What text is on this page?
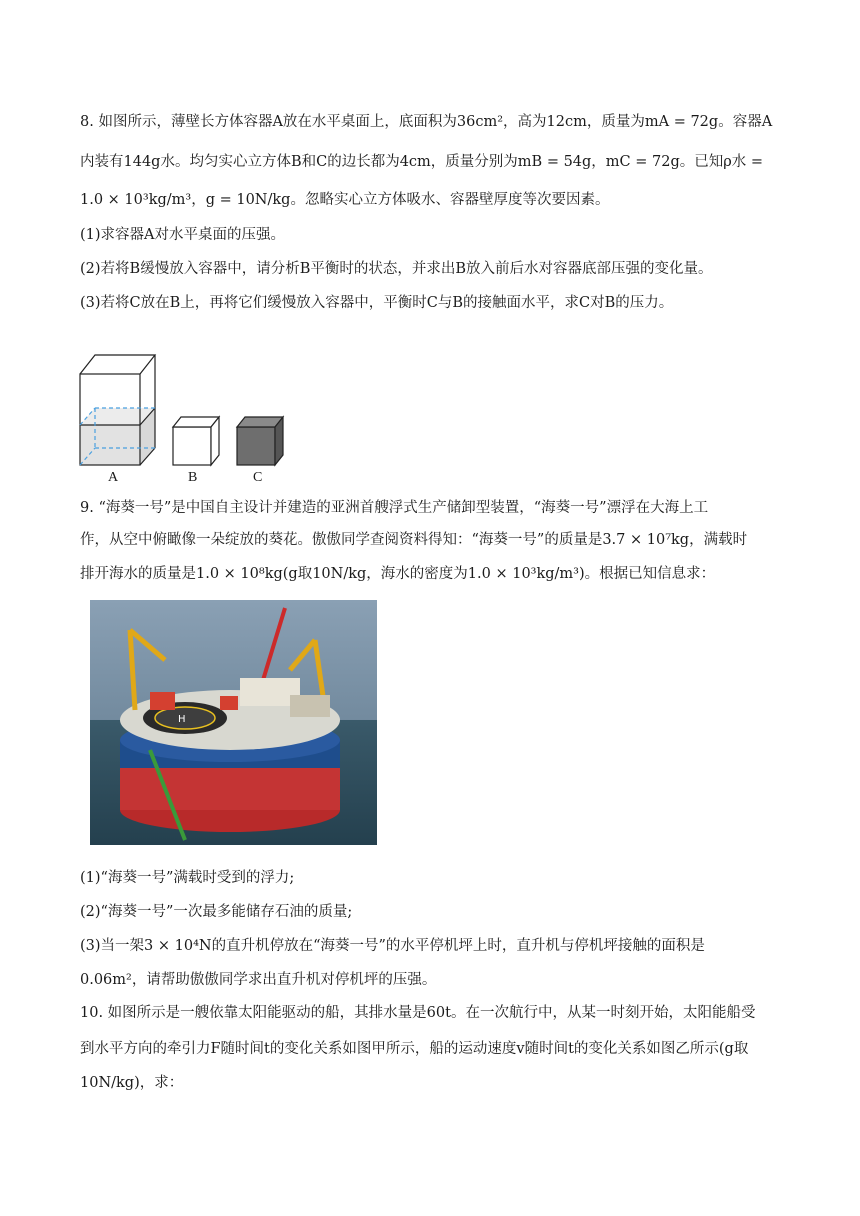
8. 如图所示，薄壁长方体容器A放在水平桌面上，底面积为36cm²，高为12cm，质量为mA = 72g。容器A
内装有144g水。均匀实心立方体B和C的边长都为4cm，质量分别为mB = 54g，mC = 72g。已知ρ水 =
1.0 × 10³kg/m³，g = 10N/kg。忽略实心立方体吸水、容器壁厚度等次要因素。
(1)求容器A对水平桌面的压强。
(2)若将B缓慢放入容器中，请分析B平衡时的状态，并求出B放入前后水对容器底部压强的变化量。
(3)若将C放在B上，再将它们缓慢放入容器中，平衡时C与B的接触面水平，求C对B的压力。
A	B	C
9. “海葵一号”是中国自主设计并建造的亚洲首艘浮式生产储卸型装置，“海葵一号”漂浮在大海上工
作，从空中俯瞰像一朵绽放的葵花。傲傲同学查阅资料得知：“海葵一号”的质量是3.7 × 10⁷kg，满载时
排开海水的质量是1.0 × 10⁸kg(g取10N/kg，海水的密度为1.0 × 10³kg/m³)。根据已知信息求：
H
(1)“海葵一号”满载时受到的浮力;
(2)“海葵一号”一次最多能储存石油的质量;
(3)当一架3 × 10⁴N的直升机停放在“海葵一号”的水平停机坪上时，直升机与停机坪接触的面积是
0.06m²，请帮助傲傲同学求出直升机对停机坪的压强。
10. 如图所示是一艘依靠太阳能驱动的船，其排水量是60t。在一次航行中，从某一时刻开始，太阳能船受
到水平方向的牵引力F随时间t的变化关系如图甲所示，船的运动速度v随时间t的变化关系如图乙所示(g取
10N/kg)，求：
